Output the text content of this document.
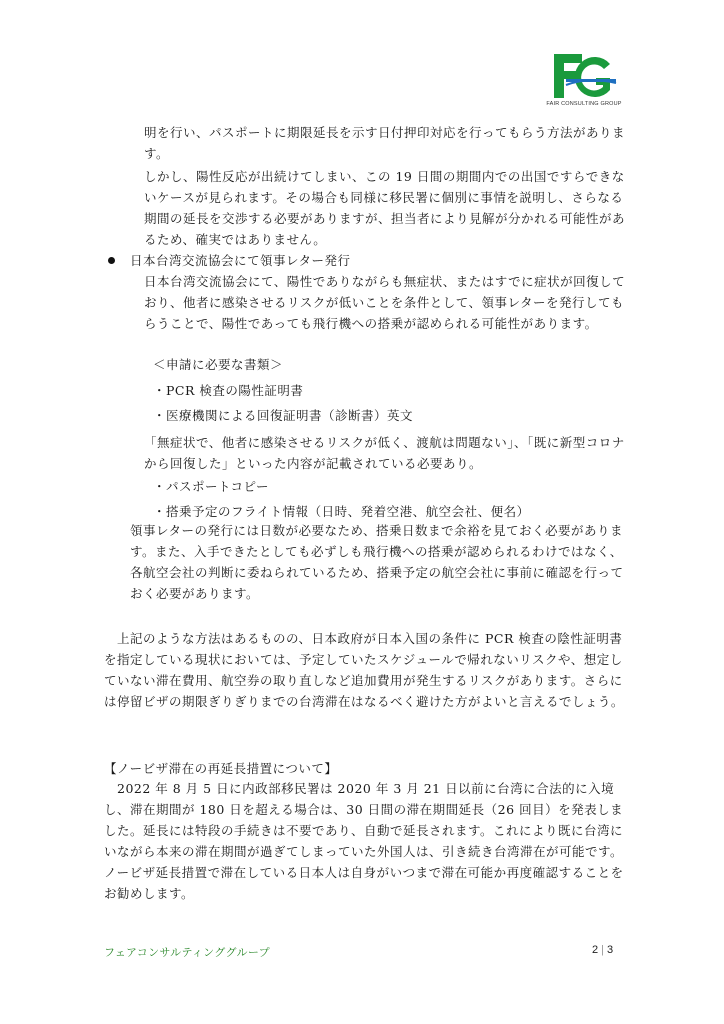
FAIR CONSULTING GROUP

明を行い、パスポートに期限延長を示す日付押印対応を行ってもらう方法があります。

しかし、陽性反応が出続けてしまい、この 19 日間の期間内での出国ですらできないケースが見られます。その場合も同様に移民署に個別に事情を説明し、さらなる期間の延長を交渉する必要がありますが、担当者により見解が分かれる可能性があるため、確実ではありません。

日本台湾交流協会にて領事レター発行

日本台湾交流協会にて、陽性でありながらも無症状、またはすでに症状が回復しており、他者に感染させるリスクが低いことを条件として、領事レターを発行してもらうことで、陽性であっても飛行機への搭乗が認められる可能性があります。

＜申請に必要な書類＞
・PCR 検査の陽性証明書
・医療機関による回復証明書（診断書）英文

「無症状で、他者に感染させるリスクが低く、渡航は問題ない」、「既に新型コロナから回復した」といった内容が記載されている必要あり。

・パスポートコピー
・搭乗予定のフライト情報（日時、発着空港、航空会社、便名）

領事レターの発行には日数が必要なため、搭乗日数まで余裕を見ておく必要があります。また、入手できたとしても必ずしも飛行機への搭乗が認められるわけではなく、各航空会社の判断に委ねられているため、搭乗予定の航空会社に事前に確認を行っておく必要があります。

上記のような方法はあるものの、日本政府が日本入国の条件に PCR 検査の陰性証明書を指定している現状においては、予定していたスケジュールで帰れないリスクや、想定していない滞在費用、航空券の取り直しなど追加費用が発生するリスクがあります。さらには停留ビザの期限ぎりぎりまでの台湾滞在はなるべく避けた方がよいと言えるでしょう。

【ノービザ滞在の再延長措置について】

2022 年 8 月 5 日に内政部移民署は 2020 年 3 月 21 日以前に台湾に合法的に入境し、滞在期間が 180 日を超える場合は、30 日間の滞在期間延長（26 回目）を発表しました。延長には特段の手続きは不要であり、自動で延長されます。これにより既に台湾にいながら本来の滞在期間が過ぎてしまっていた外国人は、引き続き台湾滞在が可能です。ノービザ延長措置で滞在している日本人は自身がいつまで滞在可能か再度確認することをお勧めします。

フェアコンサルティンググループ	2 | 3
